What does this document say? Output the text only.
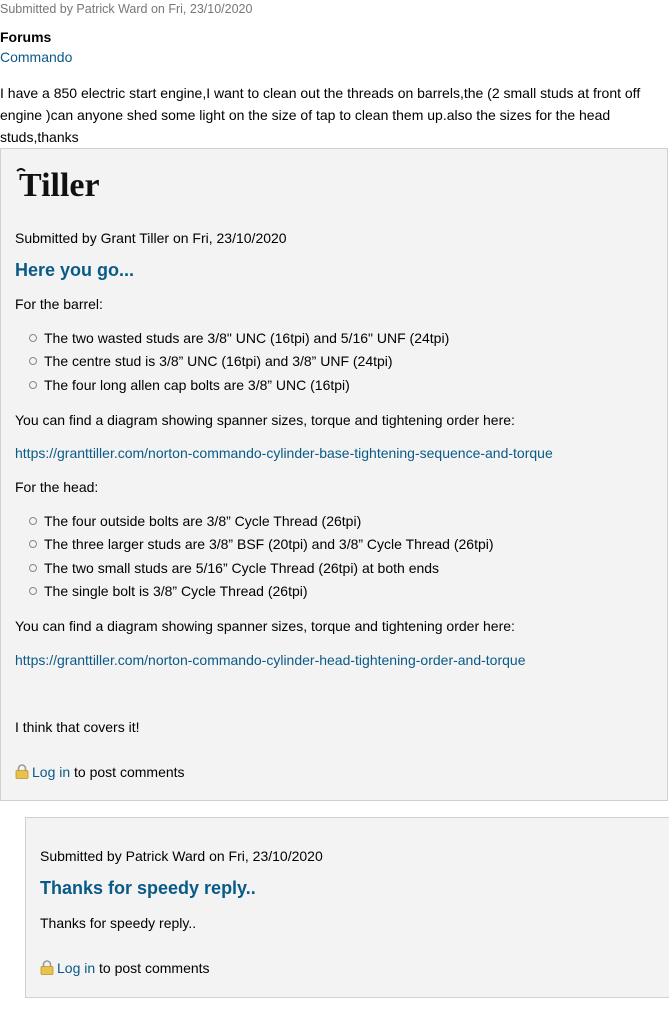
Submitted by Patrick Ward on Fri, 23/10/2020
Forums
Commando
I have a 850 electric start engine,I want to clean out the threads on barrels,the (2 small studs at front off engine )can anyone shed some light on the size of tap to clean them up.also the sizes for the head studs,thanks
Tiller
Submitted by Grant Tiller on Fri, 23/10/2020
Here you go...
For the barrel:
The two wasted studs are 3/8" UNC (16tpi) and 5/16" UNF (24tpi)
The centre stud is 3/8” UNC (16tpi) and 3/8” UNF (24tpi)
The four long allen cap bolts are 3/8” UNC (16tpi)
You can find a diagram showing spanner sizes, torque and tightening order here:
https://granttiller.com/norton-commando-cylinder-base-tightening-sequence-and-torque
For the head:
The four outside bolts are 3/8” Cycle Thread (26tpi)
The three larger studs are 3/8” BSF (20tpi) and 3/8” Cycle Thread (26tpi)
The two small studs are 5/16” Cycle Thread (26tpi) at both ends
The single bolt is 3/8” Cycle Thread (26tpi)
You can find a diagram showing spanner sizes, torque and tightening order here:
https://granttiller.com/norton-commando-cylinder-head-tightening-order-and-torque
I think that covers it!
Log in to post comments
Submitted by Patrick Ward on Fri, 23/10/2020
Thanks for speedy reply..
Thanks for speedy reply..
Log in to post comments
